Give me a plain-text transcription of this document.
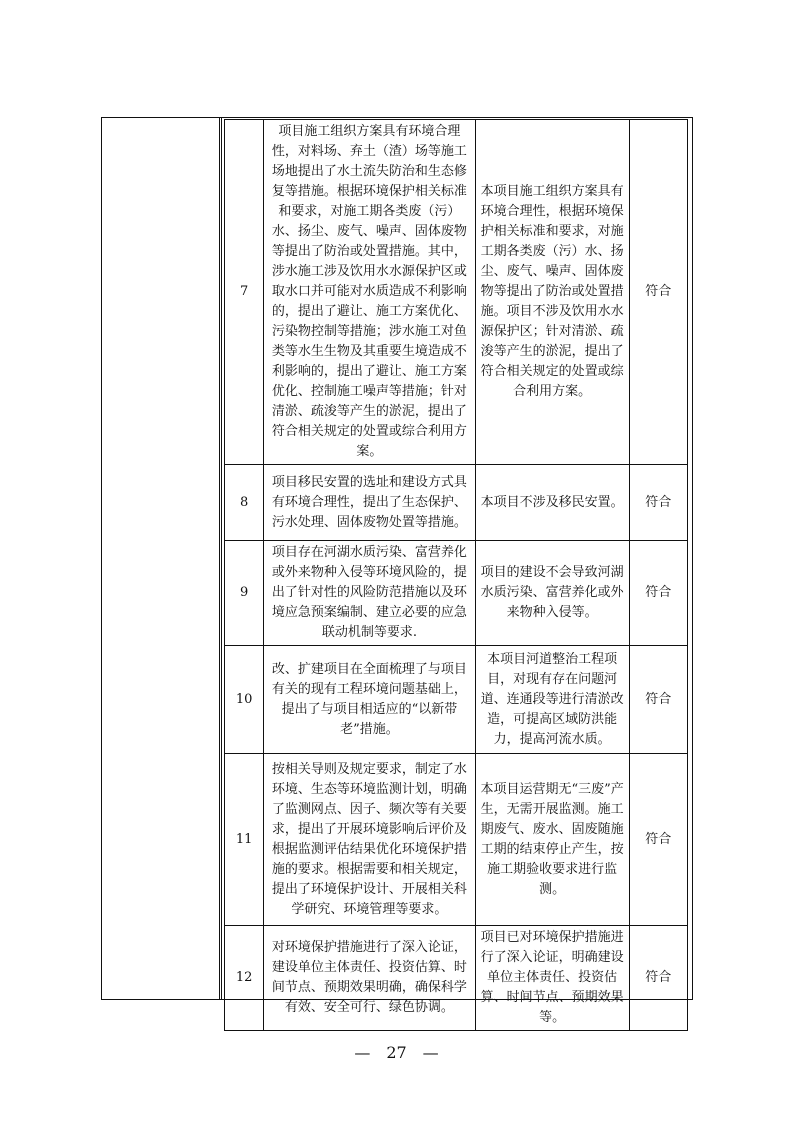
7	项目施工组织方案具有环境合理性，对料场、弃土（渣）场等施工场地提出了水土流失防治和生态修复等措施。根据环境保护相关标准和要求，对施工期各类废（污）水、扬尘、废气、噪声、固体废物等提出了防治或处置措施。其中，涉水施工涉及饮用水水源保护区或取水口并可能对水质造成不利影响的，提出了避让、施工方案优化、污染物控制等措施；涉水施工对鱼类等水生生物及其重要生境造成不利影响的，提出了避让、施工方案优化、控制施工噪声等措施；针对清淤、疏浚等产生的淤泥，提出了符合相关规定的处置或综合利用方案。	本项目施工组织方案具有环境合理性，根据环境保护相关标准和要求，对施工期各类废（污）水、扬尘、废气、噪声、固体废物等提出了防治或处置措施。项目不涉及饮用水水源保护区；针对清淤、疏浚等产生的淤泥，提出了符合相关规定的处置或综合利用方案。	符合
8	项目移民安置的选址和建设方式具有环境合理性，提出了生态保护、污水处理、固体废物处置等措施。	本项目不涉及移民安置。	符合
9	项目存在河湖水质污染、富营养化或外来物种入侵等环境风险的，提出了针对性的风险防范措施以及环境应急预案编制、建立必要的应急联动机制等要求.	项目的建设不会导致河湖水质污染、富营养化或外来物种入侵等。	符合
10	改、扩建项目在全面梳理了与项目有关的现有工程环境问题基础上，提出了与项目相适应的“以新带老”措施。	本项目河道整治工程项目，对现有存在问题河道、连通段等进行清淤改造，可提高区域防洪能力，提高河流水质。	符合
11	按相关导则及规定要求，制定了水环境、生态等环境监测计划，明确了监测网点、因子、频次等有关要求，提出了开展环境影响后评价及根据监测评估结果优化环境保护措施的要求。根据需要和相关规定，提出了环境保护设计、开展相关科学研究、环境管理等要求。	本项目运营期无“三废”产生，无需开展监测。施工期废气、废水、固废随施工期的结束停止产生，按施工期验收要求进行监测。	符合
12	对环境保护措施进行了深入论证，建设单位主体责任、投资估算、时间节点、预期效果明确，确保科学有效、安全可行、绿色协调。	项目已对环境保护措施进行了深入论证，明确建设单位主体责任、投资估算、时间节点、预期效果等。	符合
—　27　—
